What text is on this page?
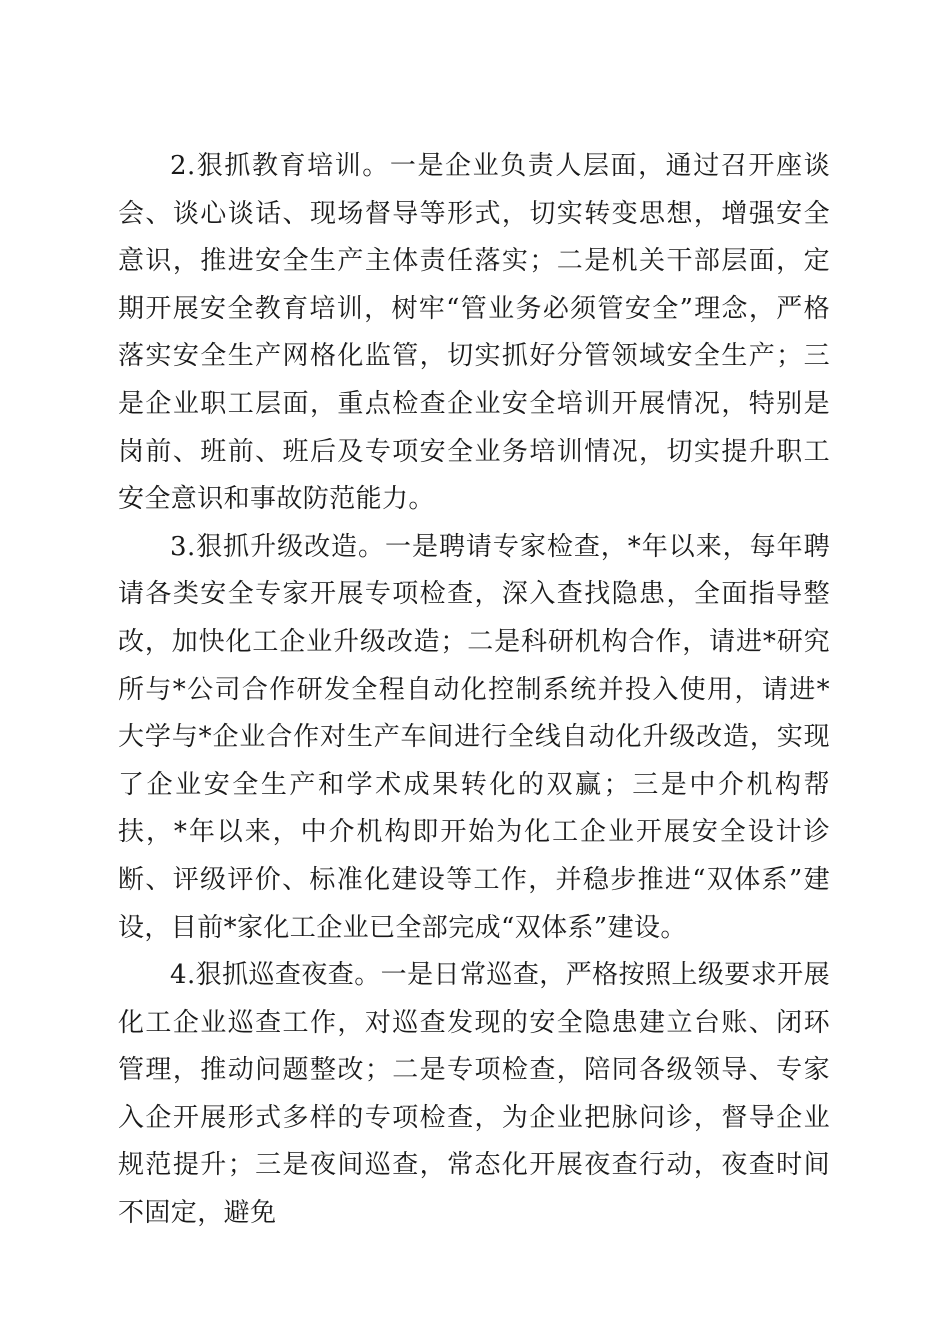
2.狠抓教育培训。一是企业负责人层面，通过召开座谈会、谈心谈话、现场督导等形式，切实转变思想，增强安全意识，推进安全生产主体责任落实；二是机关干部层面，定期开展安全教育培训，树牢“管业务必须管安全”理念，严格落实安全生产网格化监管，切实抓好分管领域安全生产；三是企业职工层面，重点检查企业安全培训开展情况，特别是岗前、班前、班后及专项安全业务培训情况，切实提升职工安全意识和事故防范能力。

3.狠抓升级改造。一是聘请专家检查，*年以来，每年聘请各类安全专家开展专项检查，深入查找隐患，全面指导整改，加快化工企业升级改造；二是科研机构合作，请进*研究所与*公司合作研发全程自动化控制系统并投入使用，请进*大学与*企业合作对生产车间进行全线自动化升级改造，实现了企业安全生产和学术成果转化的双赢；三是中介机构帮扶，*年以来，中介机构即开始为化工企业开展安全设计诊断、评级评价、标准化建设等工作，并稳步推进“双体系”建设，目前*家化工企业已全部完成“双体系”建设。

4.狠抓巡查夜查。一是日常巡查，严格按照上级要求开展化工企业巡查工作，对巡查发现的安全隐患建立台账、闭环管理，推动问题整改；二是专项检查，陪同各级领导、专家入企开展形式多样的专项检查，为企业把脉问诊，督导企业规范提升；三是夜间巡查，常态化开展夜查行动，夜查时间不固定，避免
